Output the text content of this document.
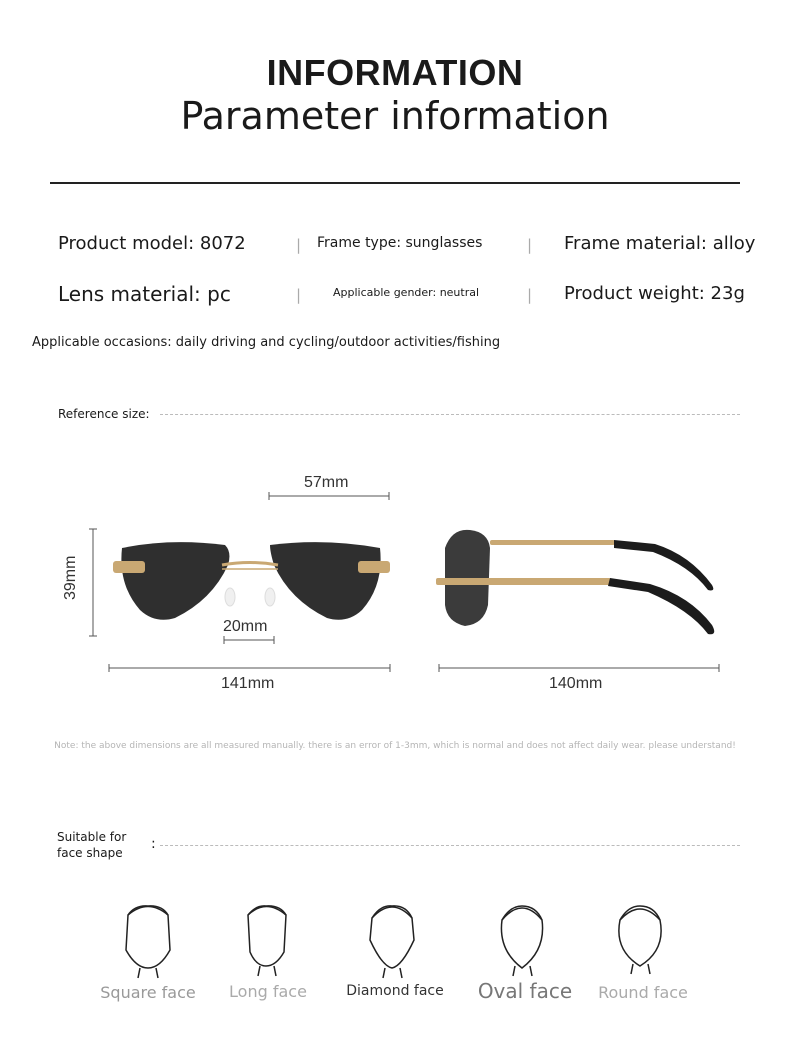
INFORMATION
Parameter information
Product model: 8072	| Frame type: sunglasses	| Frame material: alloy
Lens material: pc	|	Applicable gender: neutral	| Product weight: 23g
Applicable occasions: daily driving and cycling/outdoor activities/fishing
Reference size:
57mm
39mm
20mm
141mm	140mm
Note: the above dimensions are all measured manually. there is an error of 1-3mm, which is normal and does not affect daily wear. please understand!
Suitable for
face shape
:
Square face	Long face	Diamond face	Oval face	Round face
